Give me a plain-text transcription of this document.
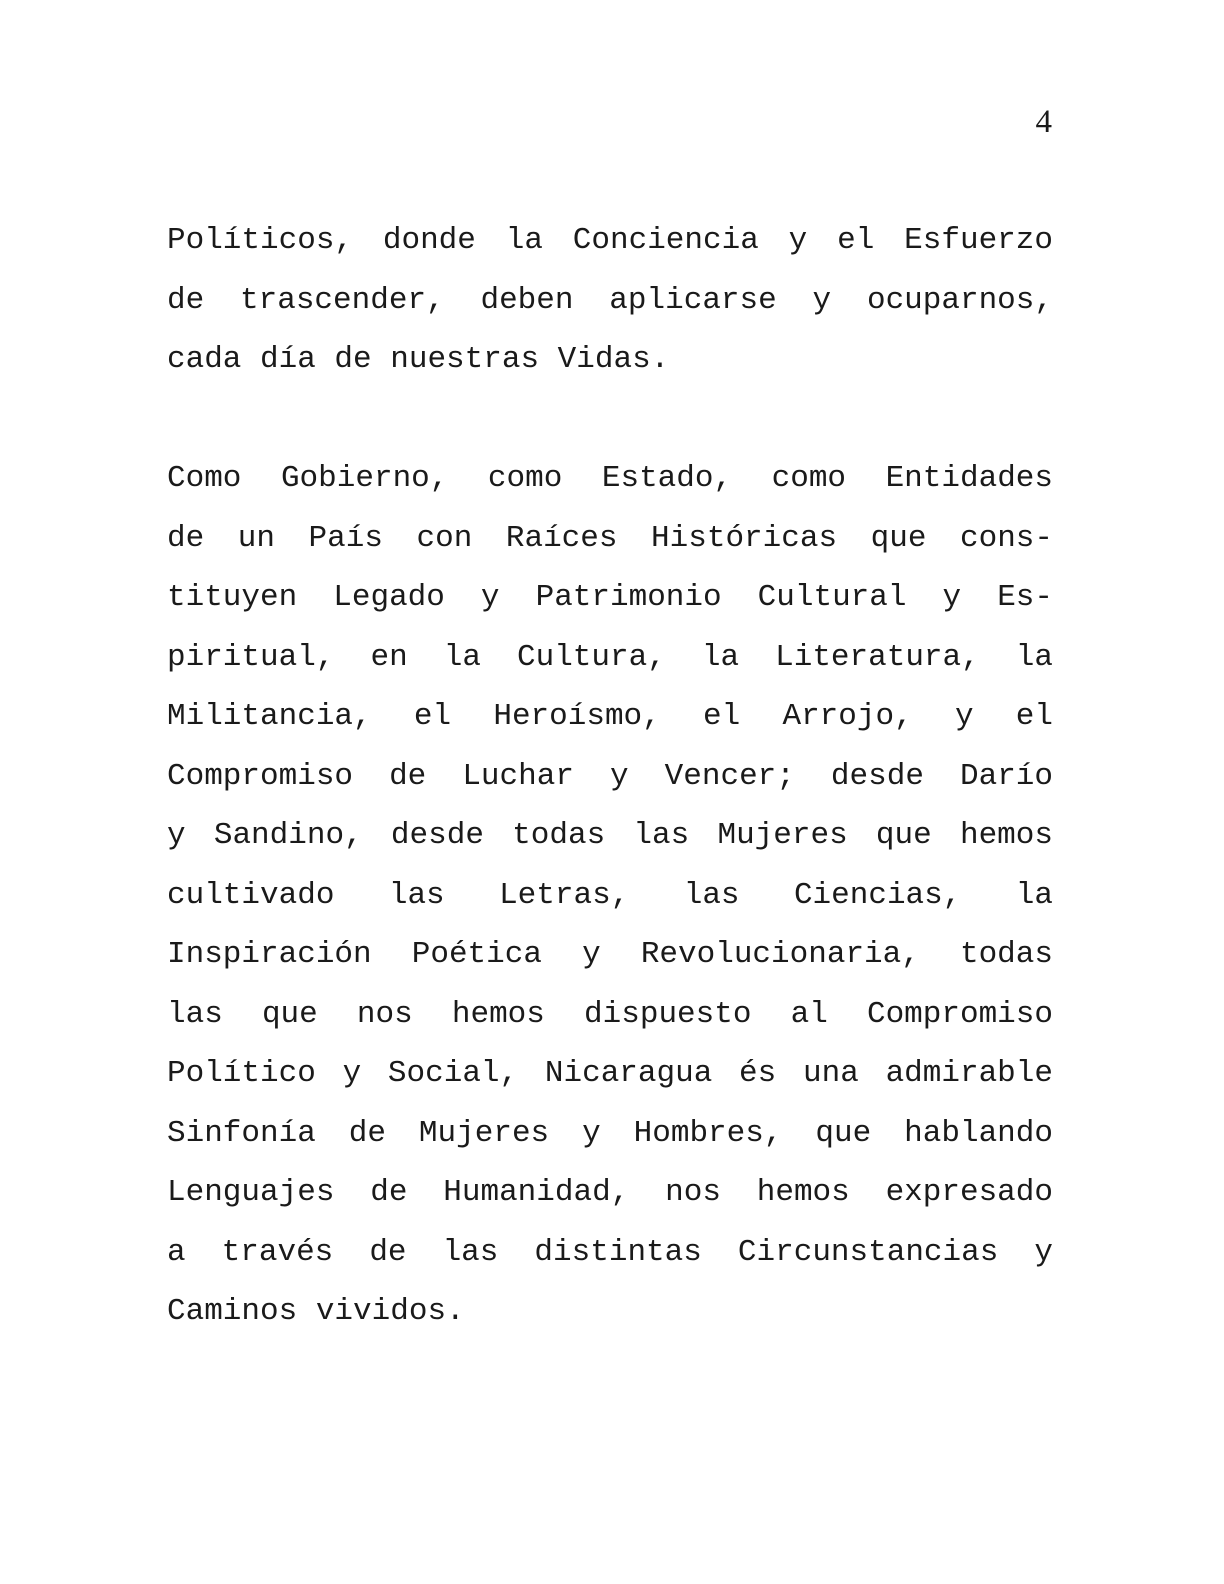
4

Políticos, donde la Conciencia y el Esfuerzo
de trascender, deben aplicarse y ocuparnos,
cada día de nuestras Vidas.

Como Gobierno, como Estado, como Entidades
de un País con Raíces Históricas que cons-
tituyen Legado y Patrimonio Cultural y Es-
piritual, en la Cultura, la Literatura, la
Militancia, el Heroísmo, el Arrojo, y el
Compromiso de Luchar y Vencer; desde Darío
y Sandino, desde todas las Mujeres que hemos
cultivado las Letras, las Ciencias, la
Inspiración Poética y Revolucionaria, todas
las que nos hemos dispuesto al Compromiso
Político y Social, Nicaragua és una admirable
Sinfonía de Mujeres y Hombres, que hablando
Lenguajes de Humanidad, nos hemos expresado
a través de las distintas Circunstancias y
Caminos vividos.
